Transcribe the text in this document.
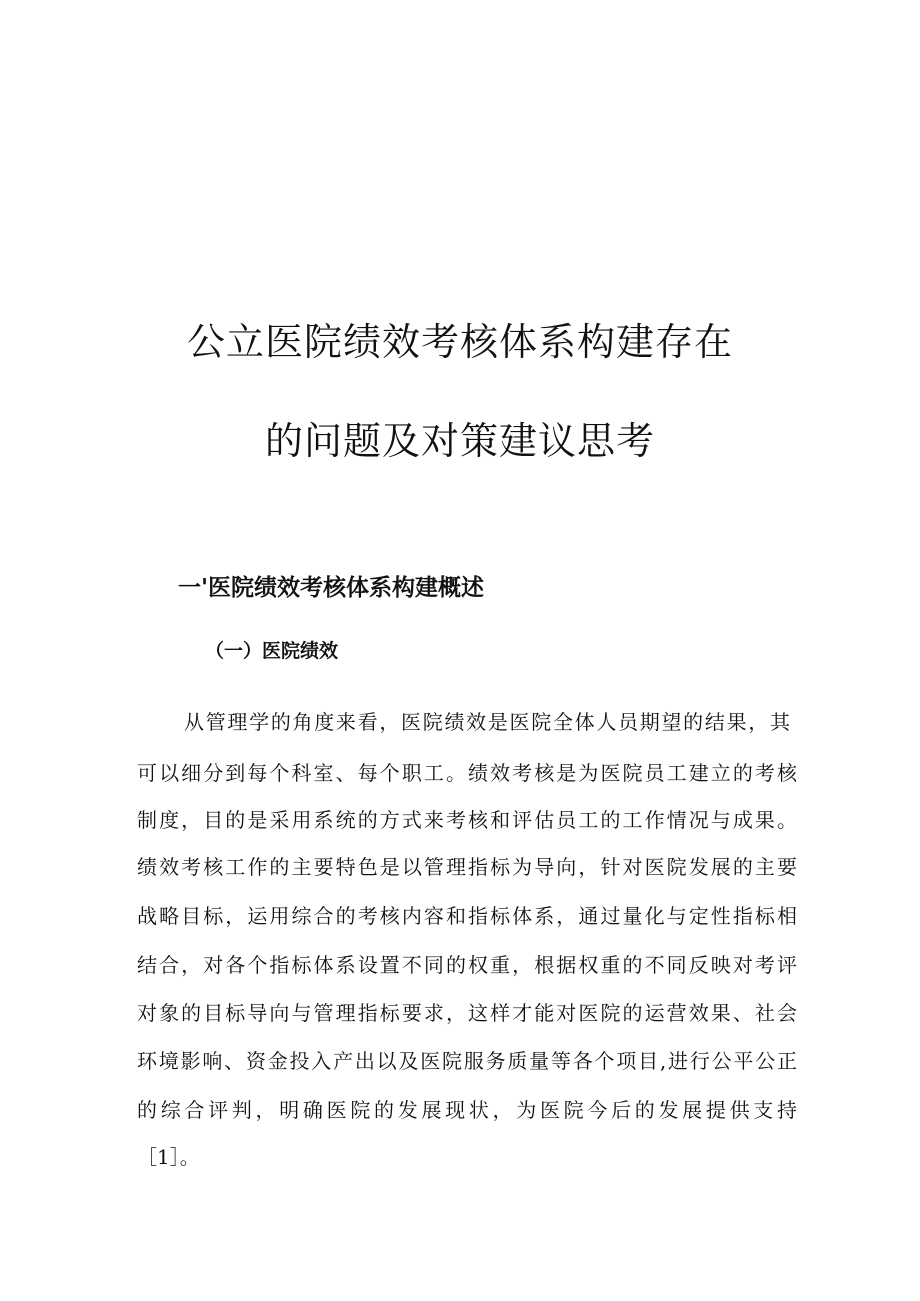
公立医院绩效考核体系构建存在
的问题及对策建议思考
一'医院绩效考核体系构建概述
（一）医院绩效

从管理学的角度来看，医院绩效是医院全体人员期望的结果，其

可以细分到每个科室、每个职工。绩效考核是为医院员工建立的考核

制度，目的是采用系统的方式来考核和评估员工的工作情况与成果。

绩效考核工作的主要特色是以管理指标为导向，针对医院发展的主要

战略目标，运用综合的考核内容和指标体系，通过量化与定性指标相

结合，对各个指标体系设置不同的权重，根据权重的不同反映对考评

对象的目标导向与管理指标要求，这样才能对医院的运营效果、社会

环境影响、资金投入产出以及医院服务质量等各个项目,进行公平公正

的综合评判，明确医院的发展现状，为医院今后的发展提供支持

［1］。
